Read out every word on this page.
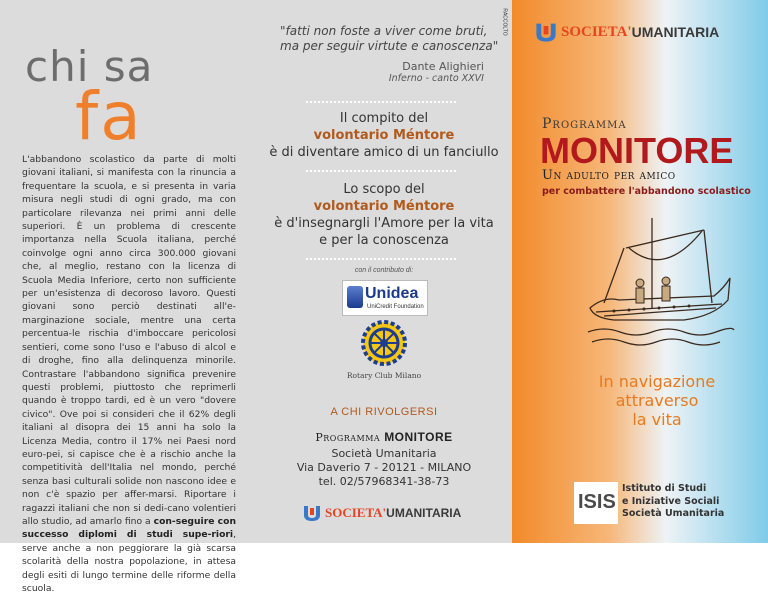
chi sa
fa
L'abbandono scolastico da parte di molti giovani italiani, si manifesta con la rinuncia a frequentare la scuola, e si presenta in varia misura negli studi di ogni grado, ma con particolare rilevanza nei primi anni delle superiori. È un problema di crescente importanza nella Scuola italiana, perché coinvolge ogni anno circa 300.000 giovani che, al meglio, restano con la licenza di Scuola Media Inferiore, certo non sufficiente per un'esistenza di decoroso lavoro. Questi giovani sono perciò destinati all'e-marginazione sociale, mentre una certa percentua-le rischia d'imboccare pericolosi sentieri, come sono l'uso e l'abuso di alcol e di droghe, fino alla delinquenza minorile. Contrastare l'abbandono significa prevenire questi problemi, piuttosto che reprimerli quando è troppo tardi, ed è un vero "dovere civico". Ove poi si consideri che il 62% degli italiani al disopra dei 15 anni ha solo la Licenza Media, contro il 17% nei Paesi nord euro-pei, si capisce che è a rischio anche la competitività dell'Italia nel mondo, perché senza basi culturali solide non nascono idee e non c'è spazio per affer-marsi. Riportare i ragazzi italiani che non si dedi-cano volentieri allo studio, ad amarlo fino a con-seguire con successo diplomi di studi supe-riori, serve anche a non peggiorare la già scarsa scolarità della nostra popolazione, in attesa degli esiti di lungo termine delle riforme della scuola.
"fatti non foste a viver come bruti,
ma per seguir virtute e canoscenza"
Dante Alighieri
Inferno - canto XXVI
Il compito del
volontario Méntore
è di diventare amico di un fanciullo
Lo scopo del
volontario Méntore
è d'insegnargli l'Amore per la vita
e per la conoscenza
con il contributo di:
Unidea
UniCredit Foundation
Rotary Club Milano
A CHI RIVOLGERSI
Programma MONITORE
Società Umanitaria
Via Daverio 7 - 20121 - MILANO
tel. 02/57968341-38-73
SOCIETA' UMANITARIA
RACCOLTO	SOCIETA' UMANITARIA
Programma
MONITORE
Un adulto per amico
per combattere l'abbandono scolastico
In navigazione
attraverso
la vita
ISIS
Istituto di Studi
e Iniziative Sociali
Società Umanitaria
